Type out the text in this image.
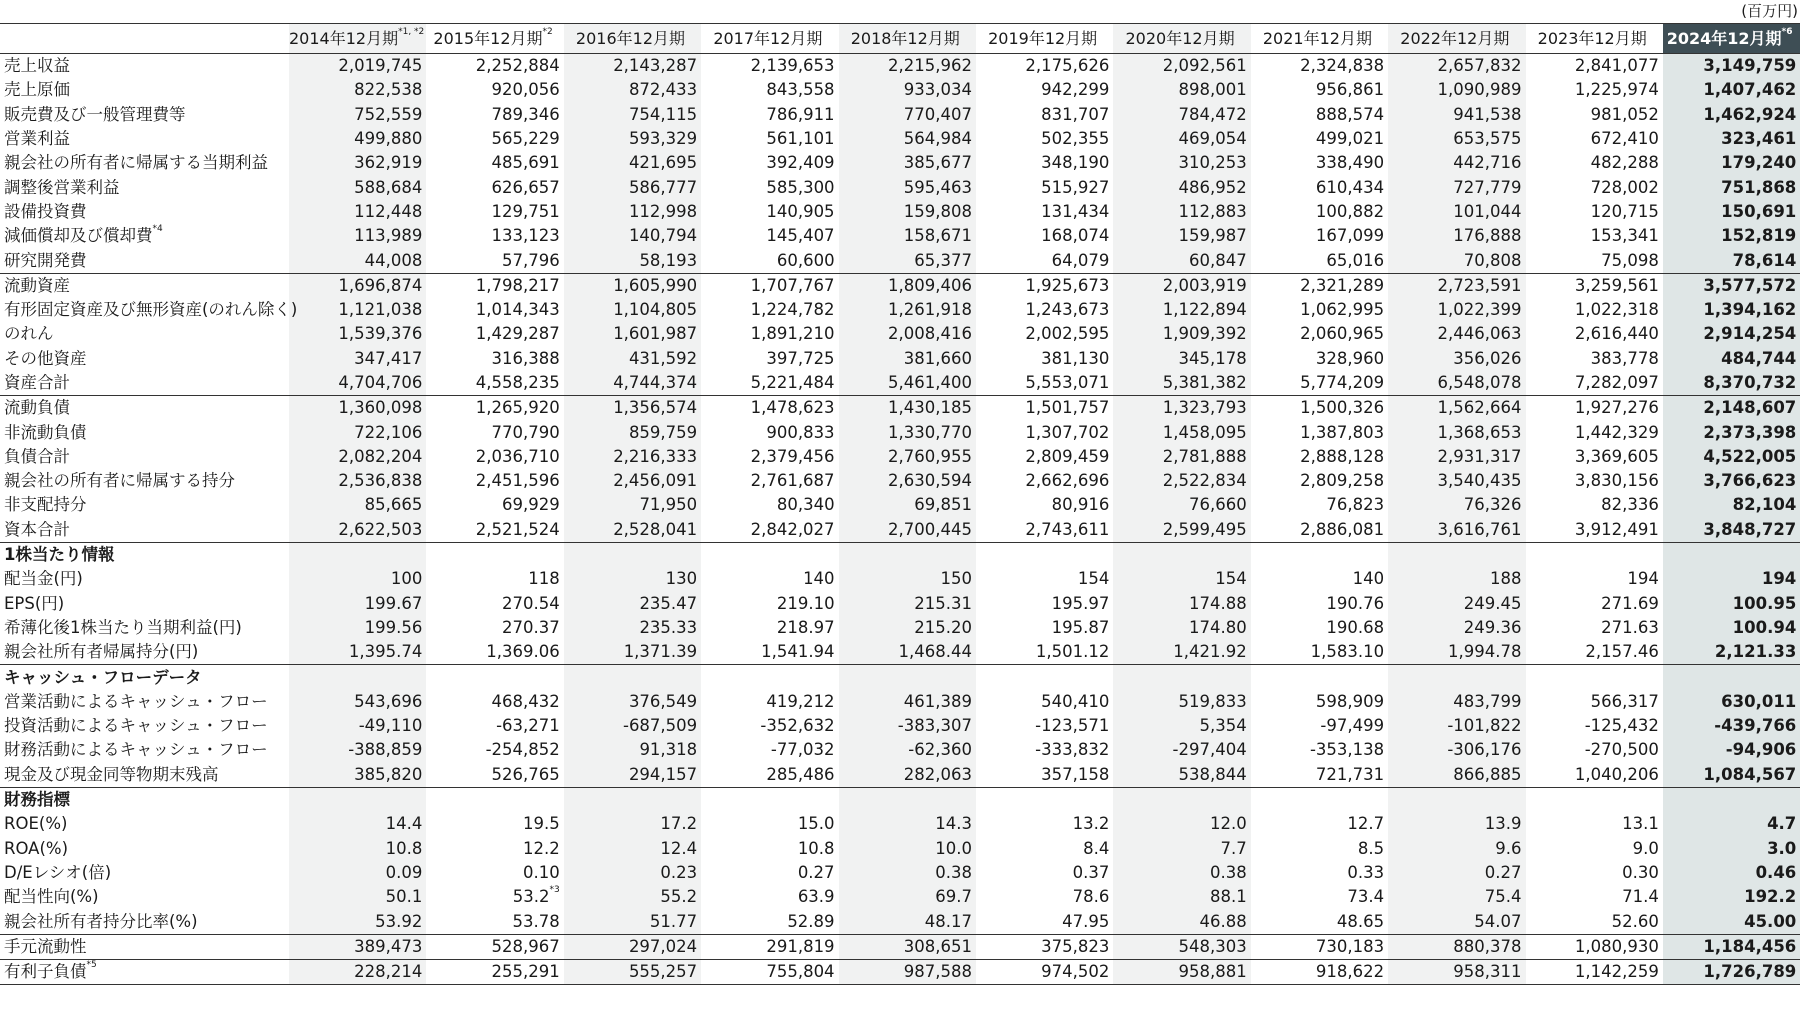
(百万円)
	2014年12月期$^{*1, *2}$	2015年12月期$^{*2}$	2016年12月期	2017年12月期	2018年12月期	2019年12月期	2020年12月期	2021年12月期	2022年12月期	2023年12月期	2024年12月期$^{*6}$
売上収益	2,019,745	2,252,884	2,143,287	2,139,653	2,215,962	2,175,626	2,092,561	2,324,838	2,657,832	2,841,077	3,149,759
売上原価	822,538	920,056	872,433	843,558	933,034	942,299	898,001	956,861	1,090,989	1,225,974	1,407,462
販売費及び一般管理費等	752,559	789,346	754,115	786,911	770,407	831,707	784,472	888,574	941,538	981,052	1,462,924
営業利益	499,880	565,229	593,329	561,101	564,984	502,355	469,054	499,021	653,575	672,410	323,461
親会社の所有者に帰属する当期利益	362,919	485,691	421,695	392,409	385,677	348,190	310,253	338,490	442,716	482,288	179,240
調整後営業利益	588,684	626,657	586,777	585,300	595,463	515,927	486,952	610,434	727,779	728,002	751,868
設備投資費	112,448	129,751	112,998	140,905	159,808	131,434	112,883	100,882	101,044	120,715	150,691
減価償却及び償却費$^{*4}$	113,989	133,123	140,794	145,407	158,671	168,074	159,987	167,099	176,888	153,341	152,819
研究開発費	44,008	57,796	58,193	60,600	65,377	64,079	60,847	65,016	70,808	75,098	78,614
流動資産	1,696,874	1,798,217	1,605,990	1,707,767	1,809,406	1,925,673	2,003,919	2,321,289	2,723,591	3,259,561	3,577,572
有形固定資産及び無形資産(のれん除く)	1,121,038	1,014,343	1,104,805	1,224,782	1,261,918	1,243,673	1,122,894	1,062,995	1,022,399	1,022,318	1,394,162
のれん	1,539,376	1,429,287	1,601,987	1,891,210	2,008,416	2,002,595	1,909,392	2,060,965	2,446,063	2,616,440	2,914,254
その他資産	347,417	316,388	431,592	397,725	381,660	381,130	345,178	328,960	356,026	383,778	484,744
資産合計	4,704,706	4,558,235	4,744,374	5,221,484	5,461,400	5,553,071	5,381,382	5,774,209	6,548,078	7,282,097	8,370,732
流動負債	1,360,098	1,265,920	1,356,574	1,478,623	1,430,185	1,501,757	1,323,793	1,500,326	1,562,664	1,927,276	2,148,607
非流動負債	722,106	770,790	859,759	900,833	1,330,770	1,307,702	1,458,095	1,387,803	1,368,653	1,442,329	2,373,398
負債合計	2,082,204	2,036,710	2,216,333	2,379,456	2,760,955	2,809,459	2,781,888	2,888,128	2,931,317	3,369,605	4,522,005
親会社の所有者に帰属する持分	2,536,838	2,451,596	2,456,091	2,761,687	2,630,594	2,662,696	2,522,834	2,809,258	3,540,435	3,830,156	3,766,623
非支配持分	85,665	69,929	71,950	80,340	69,851	80,916	76,660	76,823	76,326	82,336	82,104
資本合計	2,622,503	2,521,524	2,528,041	2,842,027	2,700,445	2,743,611	2,599,495	2,886,081	3,616,761	3,912,491	3,848,727
1株当たり情報											
配当金(円)	100	118	130	140	150	154	154	140	188	194	194
EPS(円)	199.67	270.54	235.47	219.10	215.31	195.97	174.88	190.76	249.45	271.69	100.95
希薄化後1株当たり当期利益(円)	199.56	270.37	235.33	218.97	215.20	195.87	174.80	190.68	249.36	271.63	100.94
親会社所有者帰属持分(円)	1,395.74	1,369.06	1,371.39	1,541.94	1,468.44	1,501.12	1,421.92	1,583.10	1,994.78	2,157.46	2,121.33
キャッシュ・フローデータ											
営業活動によるキャッシュ・フロー	543,696	468,432	376,549	419,212	461,389	540,410	519,833	598,909	483,799	566,317	630,011
投資活動によるキャッシュ・フロー	-49,110	-63,271	-687,509	-352,632	-383,307	-123,571	5,354	-97,499	-101,822	-125,432	-439,766
財務活動によるキャッシュ・フロー	-388,859	-254,852	91,318	-77,032	-62,360	-333,832	-297,404	-353,138	-306,176	-270,500	-94,906
現金及び現金同等物期末残高	385,820	526,765	294,157	285,486	282,063	357,158	538,844	721,731	866,885	1,040,206	1,084,567
財務指標											
ROE(%)	14.4	19.5	17.2	15.0	14.3	13.2	12.0	12.7	13.9	13.1	4.7
ROA(%)	10.8	12.2	12.4	10.8	10.0	8.4	7.7	8.5	9.6	9.0	3.0
D/Eレシオ(倍)	0.09	0.10	0.23	0.27	0.38	0.37	0.38	0.33	0.27	0.30	0.46
配当性向(%)	50.1	53.2$^{*3}$	55.2	63.9	69.7	78.6	88.1	73.4	75.4	71.4	192.2
親会社所有者持分比率(%)	53.92	53.78	51.77	52.89	48.17	47.95	46.88	48.65	54.07	52.60	45.00
手元流動性	389,473	528,967	297,024	291,819	308,651	375,823	548,303	730,183	880,378	1,080,930	1,184,456
有利子負債$^{*5}$	228,214	255,291	555,257	755,804	987,588	974,502	958,881	918,622	958,311	1,142,259	1,726,789
